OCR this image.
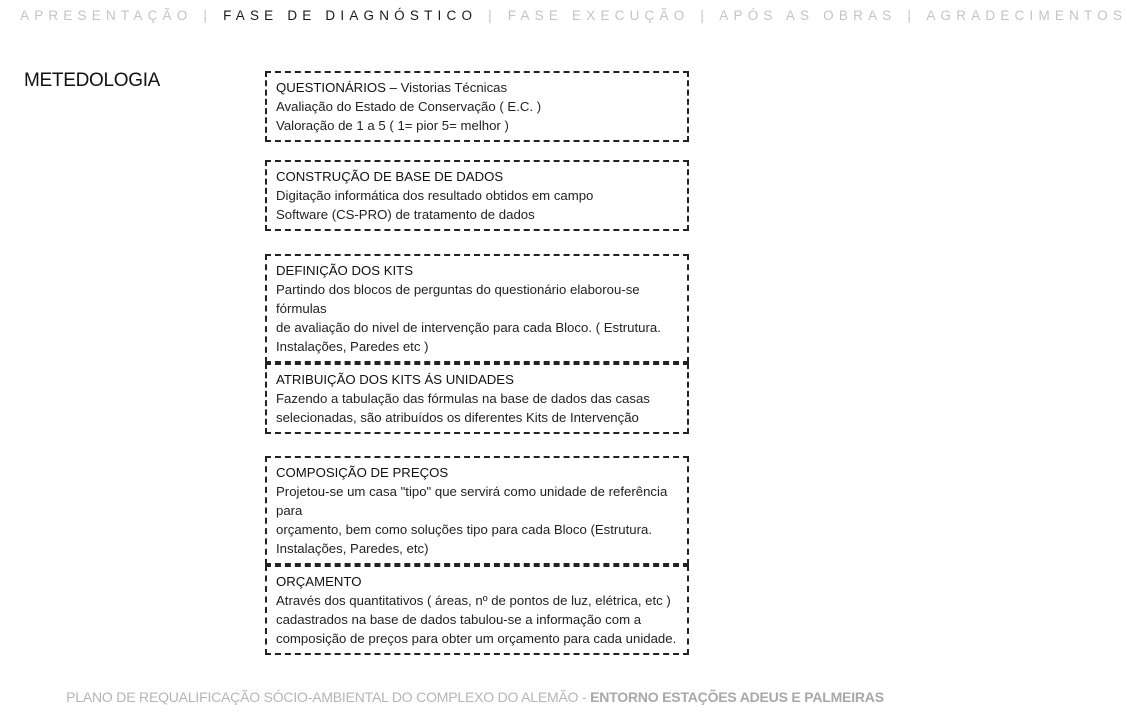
APRESENTAÇÃO | FASE DE DIAGNÓSTICO | FASE EXECUÇÃO | APÓS AS OBRAS | AGRADECIMENTOS
METEDOLOGIA	QUESTIONÁRIOS – Vistorias Técnicas
Avaliação do Estado de Conservação ( E.C. )
Valoração de 1 a 5 ( 1= pior 5= melhor )
CONSTRUÇÃO DE BASE DE DADOS
Digitação informática dos resultado obtidos em campo
Software (CS-PRO) de tratamento de dados
DEFINIÇÃO DOS KITS
Partindo dos blocos de perguntas do questionário elaborou-se fórmulas
de avaliação do nivel de intervenção para cada Bloco. ( Estrutura.
Instalações, Paredes etc )
ATRIBUIÇÃO DOS KITS ÁS UNIDADES
Fazendo a tabulação das fórmulas na base de dados das casas
selecionadas, são atribuídos os diferentes Kits de Intervenção
COMPOSIÇÃO DE PREÇOS
Projetou-se um casa "tipo" que servirá como unidade de referência para
orçamento, bem como soluções tipo para cada Bloco (Estrutura.
Instalações, Paredes, etc)
ORÇAMENTO
Através dos quantitativos ( áreas, nº de pontos de luz, elétrica, etc )
cadastrados na base de dados tabulou-se a informação com a
composição de preços para obter um orçamento para cada unidade.
PLANO DE REQUALIFICAÇÃO SÓCIO-AMBIENTAL DO COMPLEXO DO ALEMÃO - ENTORNO ESTAÇÕES ADEUS E PALMEIRAS
